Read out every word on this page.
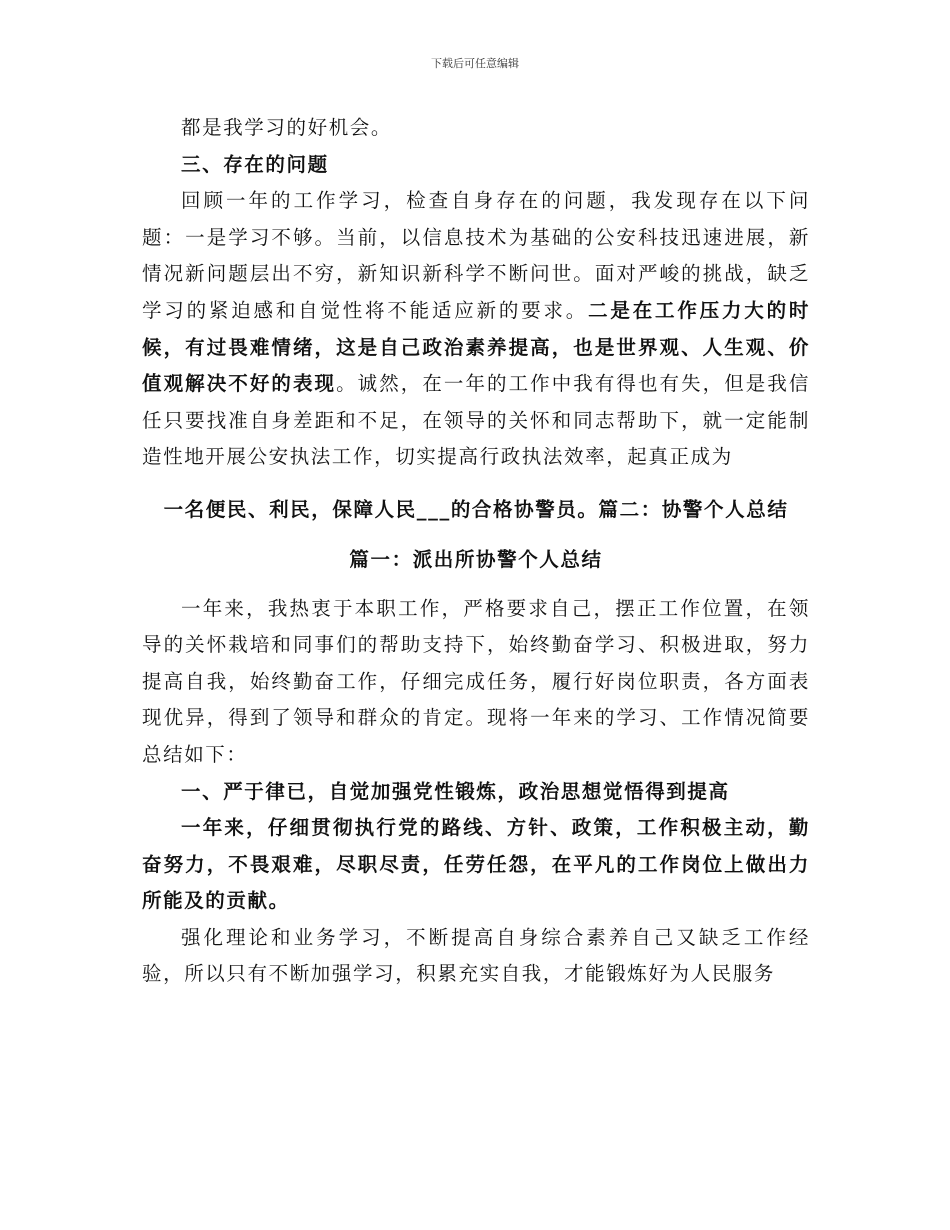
下载后可任意编辑

都是我学习的好机会。

三、存在的问题

回顾一年的工作学习，检查自身存在的问题，我发现存在以下问题：一是学习不够。当前，以信息技术为基础的公安科技迅速进展，新情况新问题层出不穷，新知识新科学不断问世。面对严峻的挑战，缺乏学习的紧迫感和自觉性将不能适应新的要求。二是在工作压力大的时候，有过畏难情绪，这是自己政治素养提高，也是世界观、人生观、价值观解决不好的表现。诚然，在一年的工作中我有得也有失，但是我信任只要找准自身差距和不足，在领导的关怀和同志帮助下，就一定能制造性地开展公安执法工作，切实提高行政执法效率，起真正成为

一名便民、利民，保障人民___的合格协警员。篇二：协警个人总结

篇一：派出所协警个人总结

一年来，我热衷于本职工作，严格要求自己，摆正工作位置，在领导的关怀栽培和同事们的帮助支持下，始终勤奋学习、积极进取，努力提高自我，始终勤奋工作，仔细完成任务，履行好岗位职责，各方面表现优异，得到了领导和群众的肯定。现将一年来的学习、工作情况简要总结如下：

一、严于律已，自觉加强党性锻炼，政治思想觉悟得到提高

一年来，仔细贯彻执行党的路线、方针、政策，工作积极主动，勤奋努力，不畏艰难，尽职尽责，任劳任怨，在平凡的工作岗位上做出力所能及的贡献。

强化理论和业务学习，不断提高自身综合素养自己又缺乏工作经验，所以只有不断加强学习，积累充实自我，才能锻炼好为人民服务
